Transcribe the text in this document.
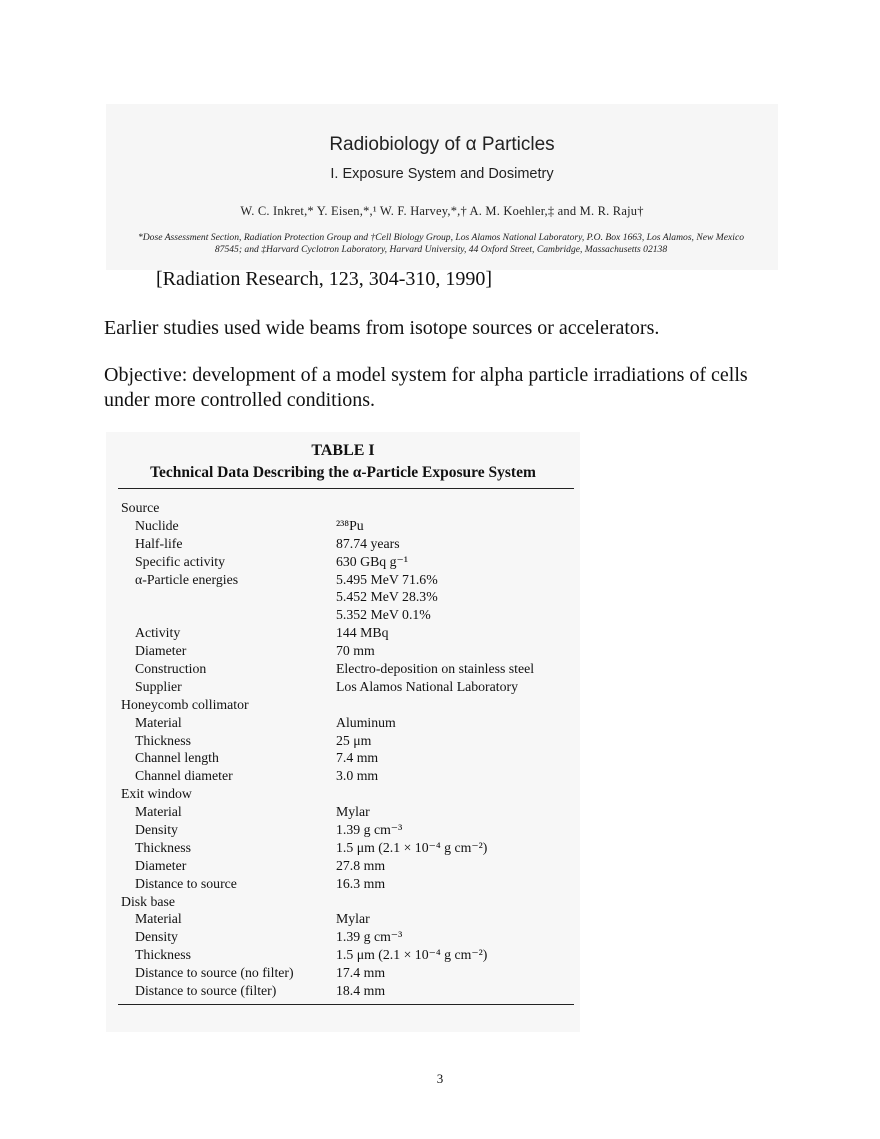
Radiobiology of α Particles
I. Exposure System and Dosimetry
W. C. Inkret,* Y. Eisen,*,¹ W. F. Harvey,*,† A. M. Koehler,‡ and M. R. Raju†
*Dose Assessment Section, Radiation Protection Group and †Cell Biology Group, Los Alamos National Laboratory, P.O. Box 1663, Los Alamos, New Mexico 87545; and ‡Harvard Cyclotron Laboratory, Harvard University, 44 Oxford Street, Cambridge, Massachusetts 02138
[Radiation Research, 123, 304-310, 1990]
Earlier studies used wide beams from isotope sources or accelerators.
Objective: development of a model system for alpha particle irradiations of cells under more controlled conditions.
TABLE I
Technical Data Describing the α-Particle Exposure System
Source
Nuclide	²³⁸Pu
Half-life	87.74 years
Specific activity	630 GBq g⁻¹
α-Particle energies	5.495 MeV 71.6%
5.452 MeV 28.3%
5.352 MeV 0.1%
Activity	144 MBq
Diameter	70 mm
Construction	Electro-deposition on stainless steel
Supplier	Los Alamos National Laboratory
Honeycomb collimator
Material	Aluminum
Thickness	25 μm
Channel length	7.4 mm
Channel diameter	3.0 mm
Exit window
Material	Mylar
Density	1.39 g cm⁻³
Thickness	1.5 μm (2.1 × 10⁻⁴ g cm⁻²)
Diameter	27.8 mm
Distance to source	16.3 mm
Disk base
Material	Mylar
Density	1.39 g cm⁻³
Thickness	1.5 μm (2.1 × 10⁻⁴ g cm⁻²)
Distance to source (no filter)	17.4 mm
Distance to source (filter)	18.4 mm
3
